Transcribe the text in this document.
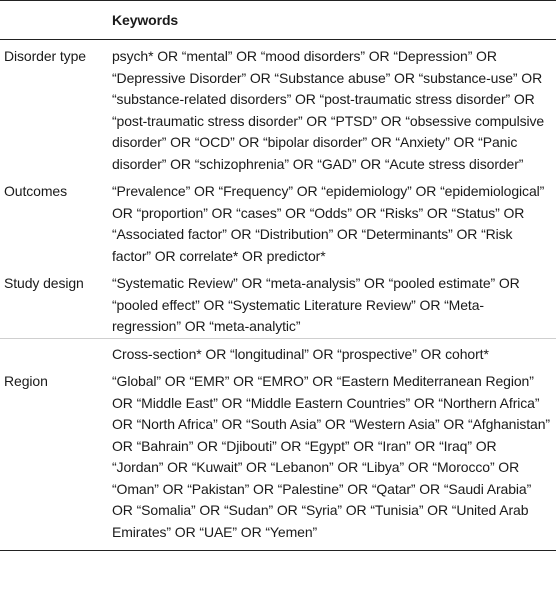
	Keywords
Disorder type	psych* OR “mental” OR “mood disorders” OR “Depression” OR “Depressive Disorder” OR “Substance abuse” OR “substance-use” OR “substance-related disorders” OR “post-traumatic stress disorder” OR “post-traumatic stress disorder” OR “PTSD” OR “obsessive compulsive disorder” OR “OCD” OR “bipolar disorder” OR “Anxiety” OR “Panic disorder” OR “schizophrenia” OR “GAD” OR “Acute stress disorder”
Outcomes	“Prevalence” OR “Frequency” OR “epidemiology” OR “epidemiological” OR “proportion” OR “cases” OR “Odds” OR “Risks” OR “Status” OR “Associated factor” OR “Distribution” OR “Determinants” OR “Risk factor” OR correlate* OR predictor*
Study design	“Systematic Review” OR “meta-analysis” OR “pooled estimate” OR “pooled effect” OR “Systematic Literature Review” OR “Meta-regression” OR “meta-analytic”
	Cross-section* OR “longitudinal” OR “prospective” OR cohort*
Region	“Global” OR “EMR” OR “EMRO” OR “Eastern Mediterranean Region” OR “Middle East” OR “Middle Eastern Countries” OR “Northern Africa” OR “North Africa” OR “South Asia” OR “Western Asia” OR “Afghanistan” OR “Bahrain” OR “Djibouti” OR “Egypt” OR “Iran” OR “Iraq” OR “Jordan” OR “Kuwait” OR “Lebanon” OR “Libya” OR “Morocco” OR “Oman” OR “Pakistan” OR “Palestine” OR “Qatar” OR “Saudi Arabia” OR “Somalia” OR “Sudan” OR “Syria” OR “Tunisia” OR “United Arab Emirates” OR “UAE” OR “Yemen”
